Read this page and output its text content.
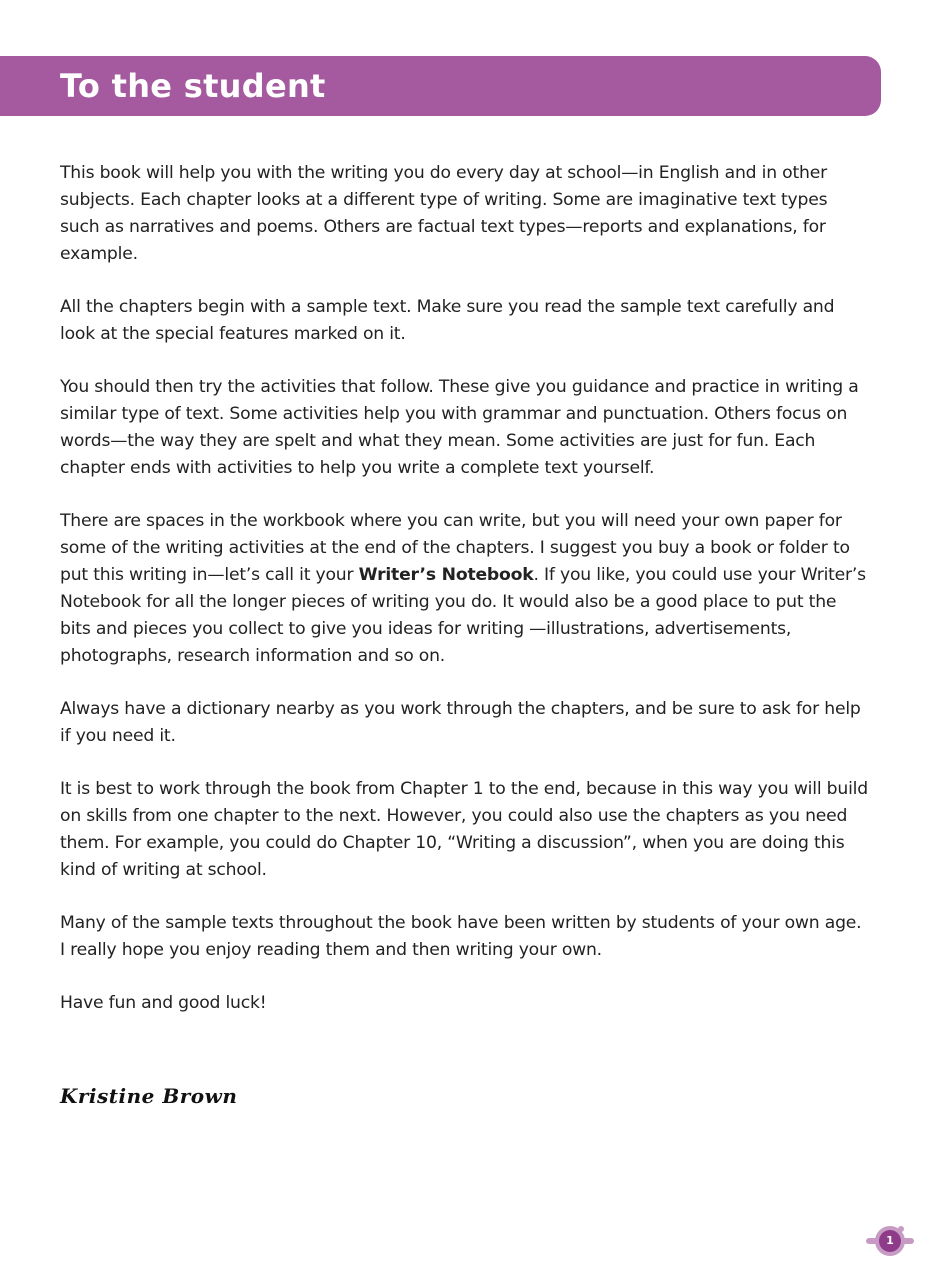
To the student

This book will help you with the writing you do every day at school—in English and in other subjects. Each chapter looks at a different type of writing. Some are imaginative text types such as narratives and poems. Others are factual text types—reports and explanations, for example.

All the chapters begin with a sample text. Make sure you read the sample text carefully and look at the special features marked on it.

You should then try the activities that follow. These give you guidance and practice in writing a similar type of text. Some activities help you with grammar and punctuation. Others focus on words—the way they are spelt and what they mean. Some activities are just for fun. Each chapter ends with activities to help you write a complete text yourself.

There are spaces in the workbook where you can write, but you will need your own paper for some of the writing activities at the end of the chapters. I suggest you buy a book or folder to put this writing in—let’s call it your Writer’s Notebook. If you like, you could use your Writer’s Notebook for all the longer pieces of writing you do. It would also be a good place to put the bits and pieces you collect to give you ideas for writing —illustrations, advertisements, photographs, research information and so on.

Always have a dictionary nearby as you work through the chapters, and be sure to ask for help if you need it.

It is best to work through the book from Chapter 1 to the end, because in this way you will build on skills from one chapter to the next. However, you could also use the chapters as you need them. For example, you could do Chapter 10, “Writing a discussion”, when you are doing this kind of writing at school.

Many of the sample texts throughout the book have been written by students of your own age. I really hope you enjoy reading them and then writing your own.

Have fun and good luck!

Kristine Brown
1
